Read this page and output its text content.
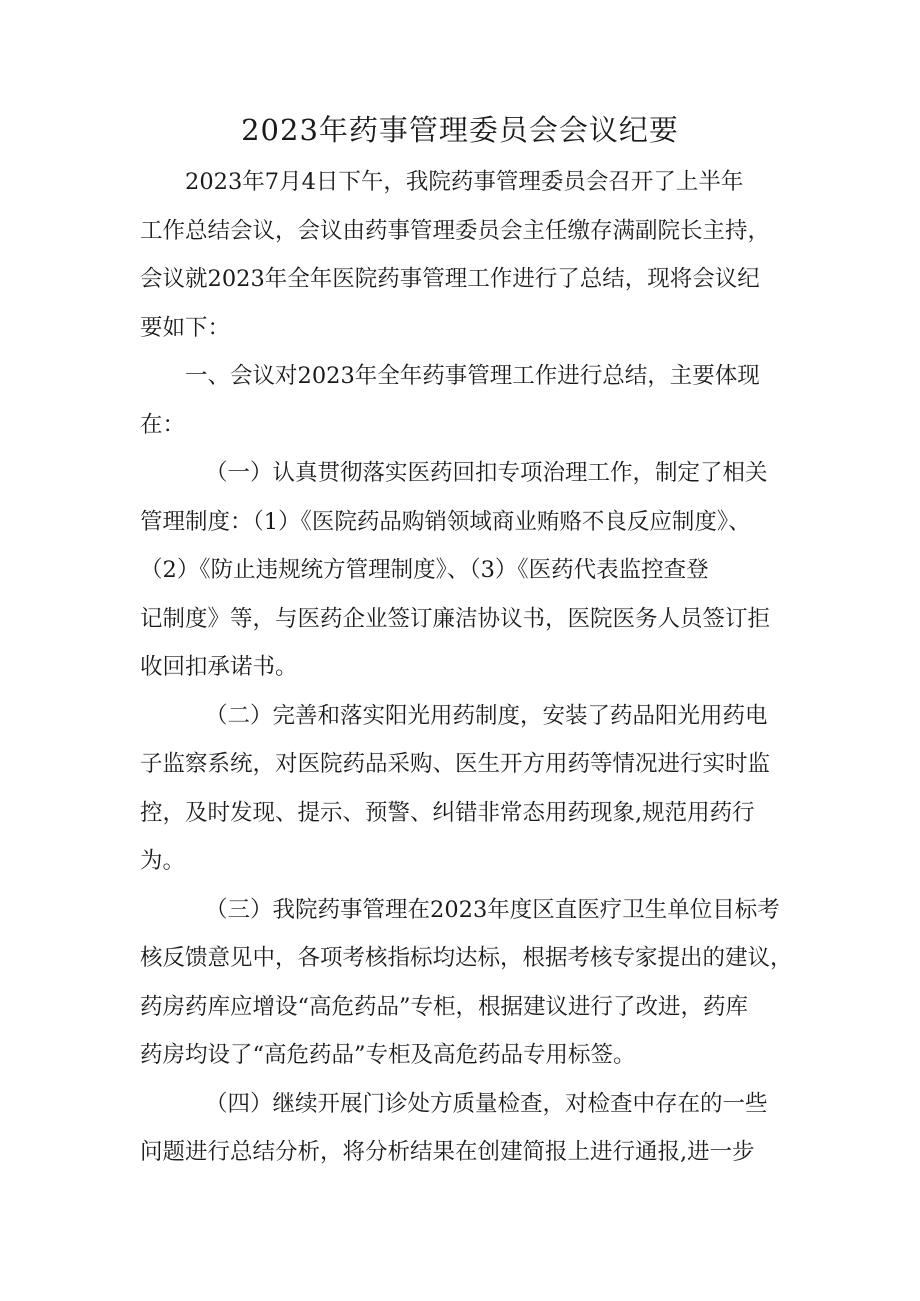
2023年药事管理委员会会议纪要
2023年7月4日下午，我院药事管理委员会召开了上半年
工作总结会议，会议由药事管理委员会主任缴存满副院长主持，
会议就2023年全年医院药事管理工作进行了总结，现将会议纪
要如下：
一、会议对2023年全年药事管理工作进行总结，主要体现
在：
（一）认真贯彻落实医药回扣专项治理工作，制定了相关
管理制度：（1）《医院药品购销领域商业贿赂不良反应制度》、
（2）《防止违规统方管理制度》、（3）《医药代表监控查登
记制度》等，与医药企业签订廉洁协议书，医院医务人员签订拒
收回扣承诺书。
（二）完善和落实阳光用药制度，安装了药品阳光用药电
子监察系统，对医院药品采购、医生开方用药等情况进行实时监
控，及时发现、提示、预警、纠错非常态用药现象,规范用药行
为。
（三）我院药事管理在2023年度区直医疗卫生单位目标考
核反馈意见中，各项考核指标均达标，根据考核专家提出的建议，
药房药库应增设“高危药品”专柜，根据建议进行了改进，药库
药房均设了“高危药品”专柜及高危药品专用标签。
（四）继续开展门诊处方质量检查，对检查中存在的一些
问题进行总结分析，将分析结果在创建简报上进行通报,进一步
